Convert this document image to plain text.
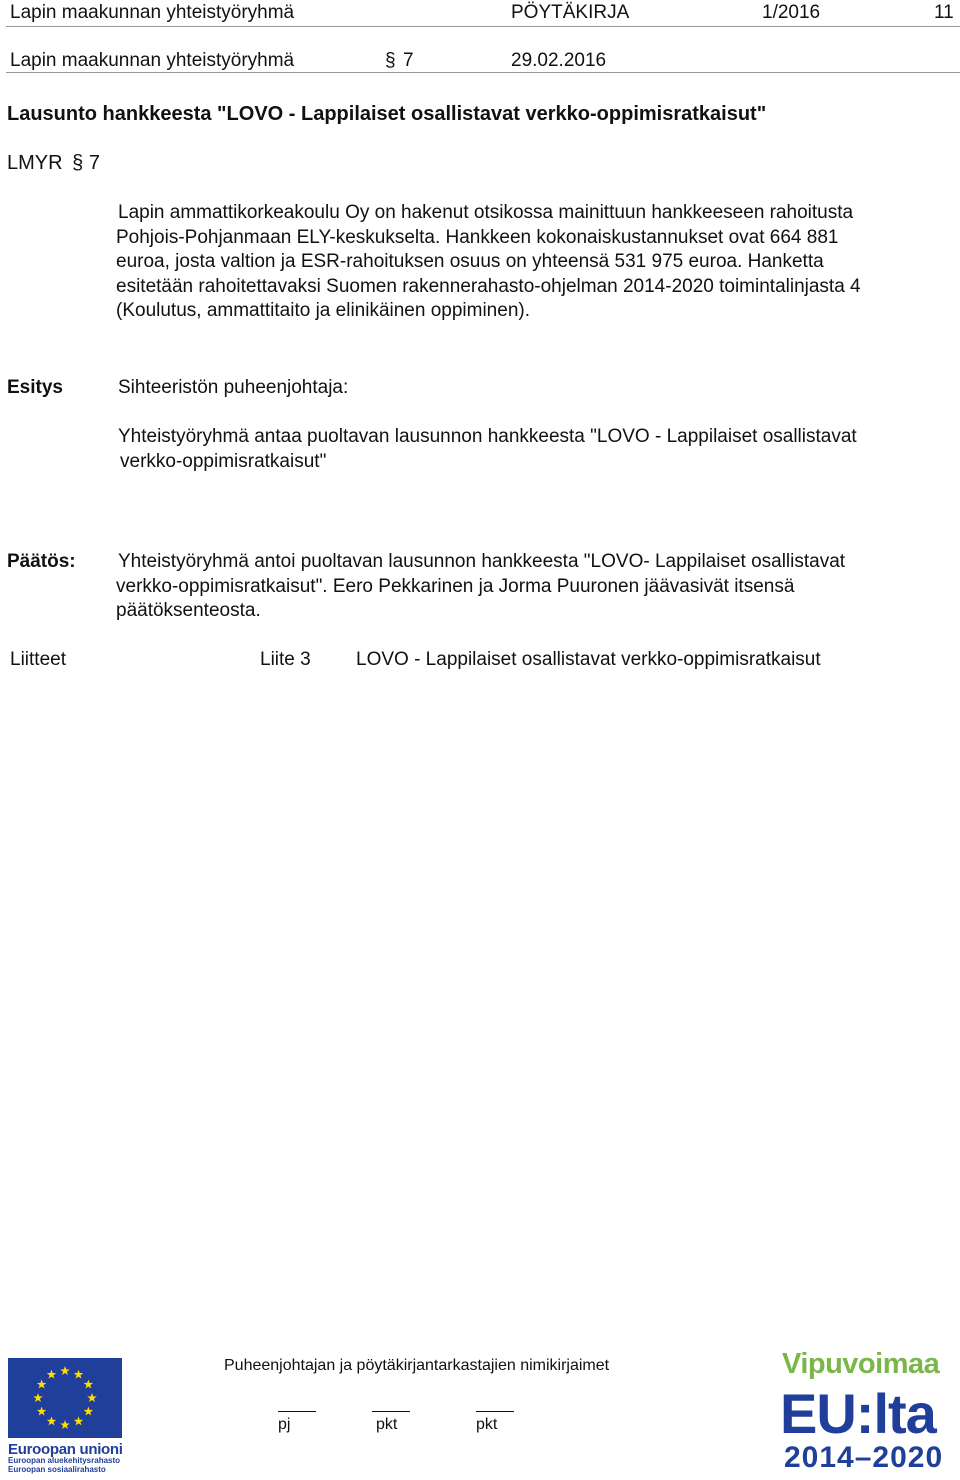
Lapin maakunnan yhteistyöryhmä	PÖYTÄKIRJA	1/2016	11
Lapin maakunnan yhteistyöryhmä	§ 7	29.02.2016
Lausunto hankkeesta "LOVO - Lappilaiset osallistavat verkko-oppimisratkaisut"
LMYR § 7
Lapin ammattikorkeakoulu Oy on hakenut otsikossa mainittuun hankkeeseen rahoitusta
Pohjois-Pohjanmaan ELY-keskukselta. Hankkeen kokonaiskustannukset ovat 664 881
euroa, josta valtion ja ESR-rahoituksen osuus on yhteensä 531 975 euroa. Hanketta
esitetään rahoitettavaksi Suomen rakennerahasto-ohjelman 2014-2020 toimintalinjasta 4
(Koulutus, ammattitaito ja elinikäinen oppiminen).
Esitys	Sihteeristön puheenjohtaja:
Yhteistyöryhmä antaa puoltavan lausunnon hankkeesta "LOVO - Lappilaiset osallistavat
verkko-oppimisratkaisut"
Päätös: Yhteistyöryhmä antoi puoltavan lausunnon hankkeesta "LOVO- Lappilaiset osallistavat
verkko-oppimisratkaisut". Eero Pekkarinen ja Jorma Puuronen jäävasivät itsensä
päätöksenteosta.
Liitteet	Liite 3 LOVO - Lappilaiset osallistavat verkko-oppimisratkaisut
Puheenjohtajan ja pöytäkirjantarkastajien nimikirjaimet
pj	pkt	pkt
Euroopan unioni
Euroopan aluekehitysrahasto
Euroopan sosiaalirahasto
Vipuvoimaa
EU:lta
2014–2020
